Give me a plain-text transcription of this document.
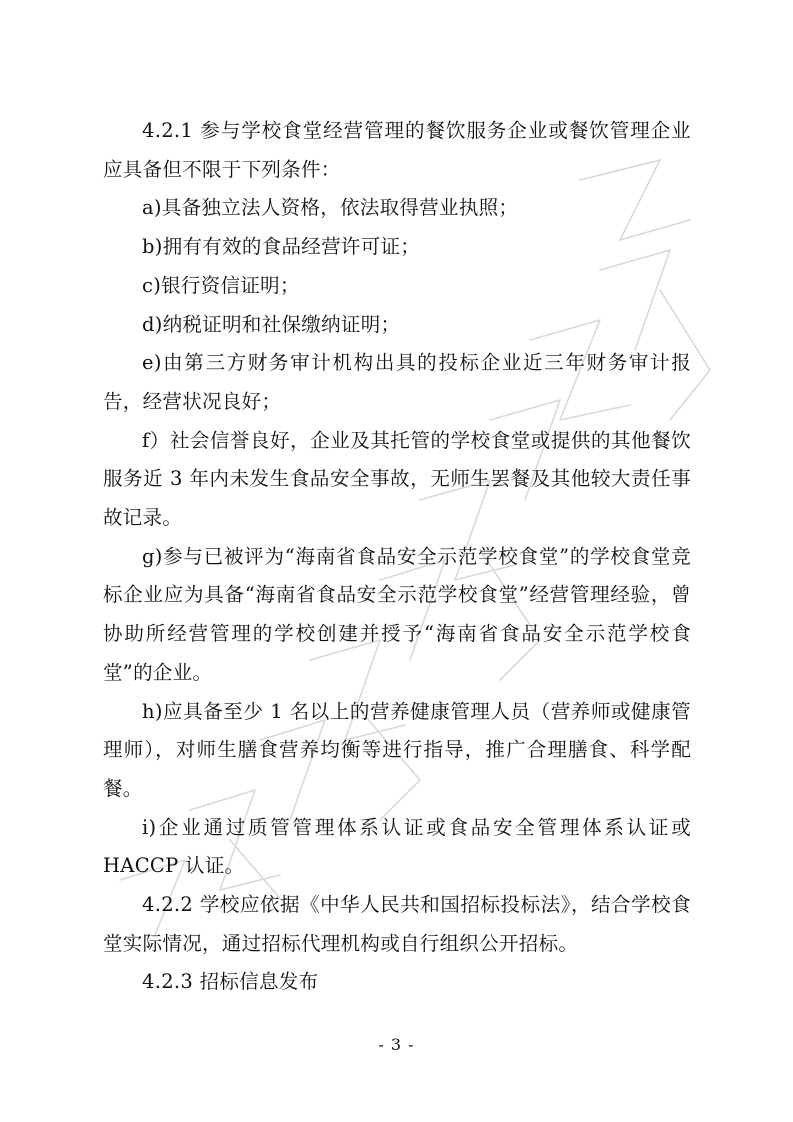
4.2.1 参与学校食堂经营管理的餐饮服务企业或餐饮管理企业应具备但不限于下列条件：

a)具备独立法人资格，依法取得营业执照；

b)拥有有效的食品经营许可证；

c)银行资信证明；

d)纳税证明和社保缴纳证明；

e)由第三方财务审计机构出具的投标企业近三年财务审计报告，经营状况良好；

f）社会信誉良好，企业及其托管的学校食堂或提供的其他餐饮服务近 3 年内未发生食品安全事故，无师生罢餐及其他较大责任事故记录。

g)参与已被评为“海南省食品安全示范学校食堂”的学校食堂竞标企业应为具备“海南省食品安全示范学校食堂”经营管理经验，曾协助所经营管理的学校创建并授予“海南省食品安全示范学校食堂”的企业。

h)应具备至少 1 名以上的营养健康管理人员（营养师或健康管理师），对师生膳食营养均衡等进行指导，推广合理膳食、科学配餐。

i)企业通过质管管理体系认证或食品安全管理体系认证或HACCP 认证。

4.2.2 学校应依据《中华人民共和国招标投标法》，结合学校食堂实际情况，通过招标代理机构或自行组织公开招标。

4.2.3 招标信息发布

- 3 -
